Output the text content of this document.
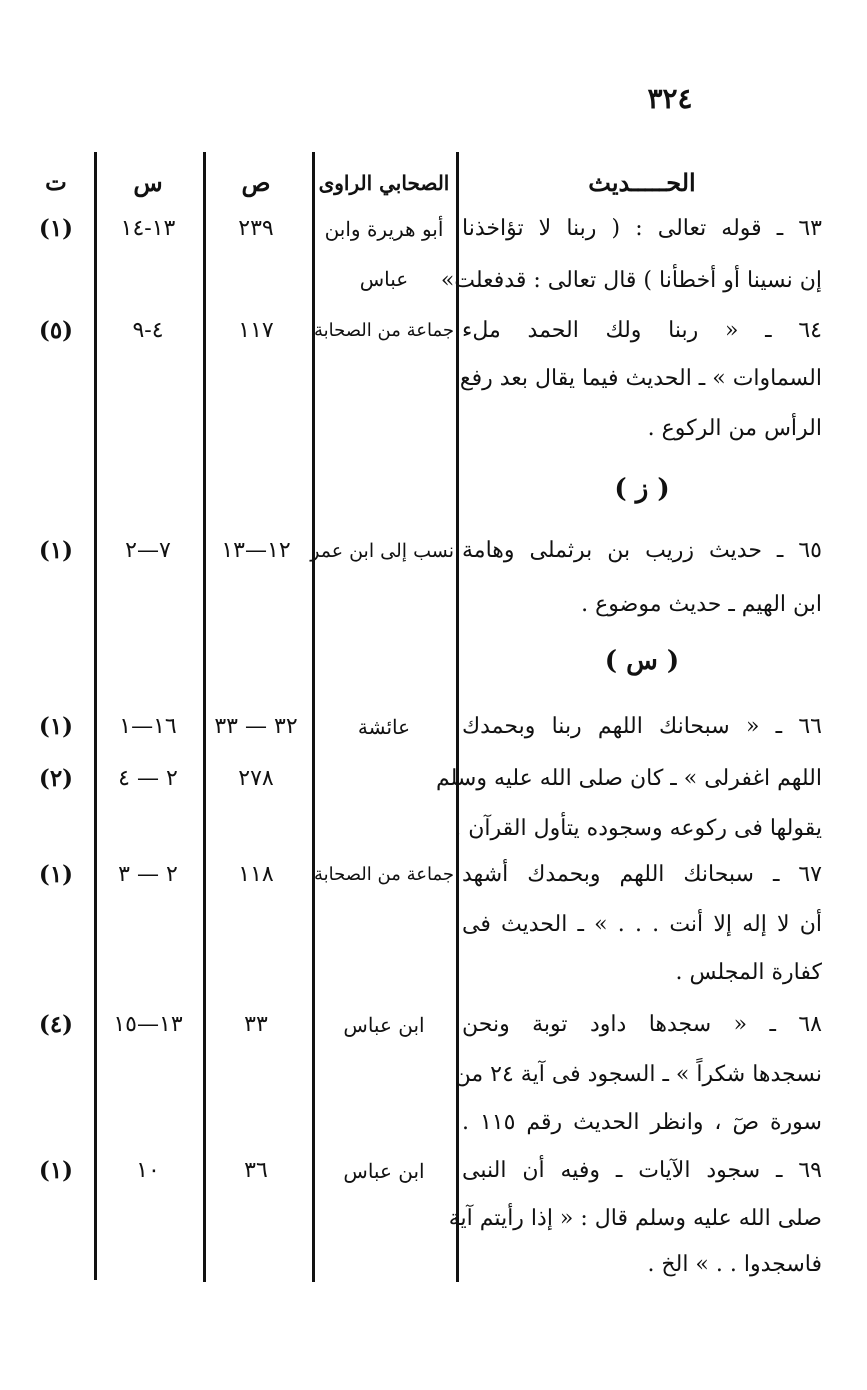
٣٢٤
الحـــــديث
الصحابي الراوى
ص
س
ت
٦٣ ـ قوله تعالى : ( ربنا لا تؤاخذنا
إن نسينا أو أخطأنا ) قال تعالى : قدفعلت»
أبو هريرة وابن
عباس
٢٣٩
١٣-١٤
(١)
٦٤ ـ « ربنا ولك الحمد ملء
السماوات » ـ الحديث فيما يقال بعد رفع
الرأس من الركوع .
جماعة من الصحابة
١١٧
٤-٩
(٥)
( ز )
٦٥ ـ حديث زريب بن برثملى وهامة
ابن الهيم ـ حديث موضوع .
نسب إلى ابن عمر
١٢—١٣
٧—٢
(١)
( س )
٦٦ ـ « سبحانك اللهم ربنا وبحمدك
اللهم اغفرلى » ـ كان صلى الله عليه وسلم
يقولها فى ركوعه وسجوده يتأول القرآن .
عائشة
٣٢ — ٣٣
٢٧٨
١٦—١
٢ — ٤
(١)
(٢)
٦٧ ـ سبحانك اللهم وبحمدك أشهد
أن لا إله إلا أنت . . . » ـ الحديث فى
كفارة المجلس .
جماعة من الصحابة
١١٨
٢ — ٣
(١)
٦٨ ـ « سجدها داود توبة ونحن
نسجدها شكراً » ـ السجود فى آية ٢٤ من
سورة صٓ ، وانظر الحديث رقم ١١٥ .
ابن عباس
٣٣
١٣—١٥
(٤)
٦٩ ـ سجود الآيات ـ وفيه أن النبى
صلى الله عليه وسلم قال : « إذا رأيتم آية
فاسجدوا . . » الخ .
ابن عباس
٣٦
١٠
(١)
